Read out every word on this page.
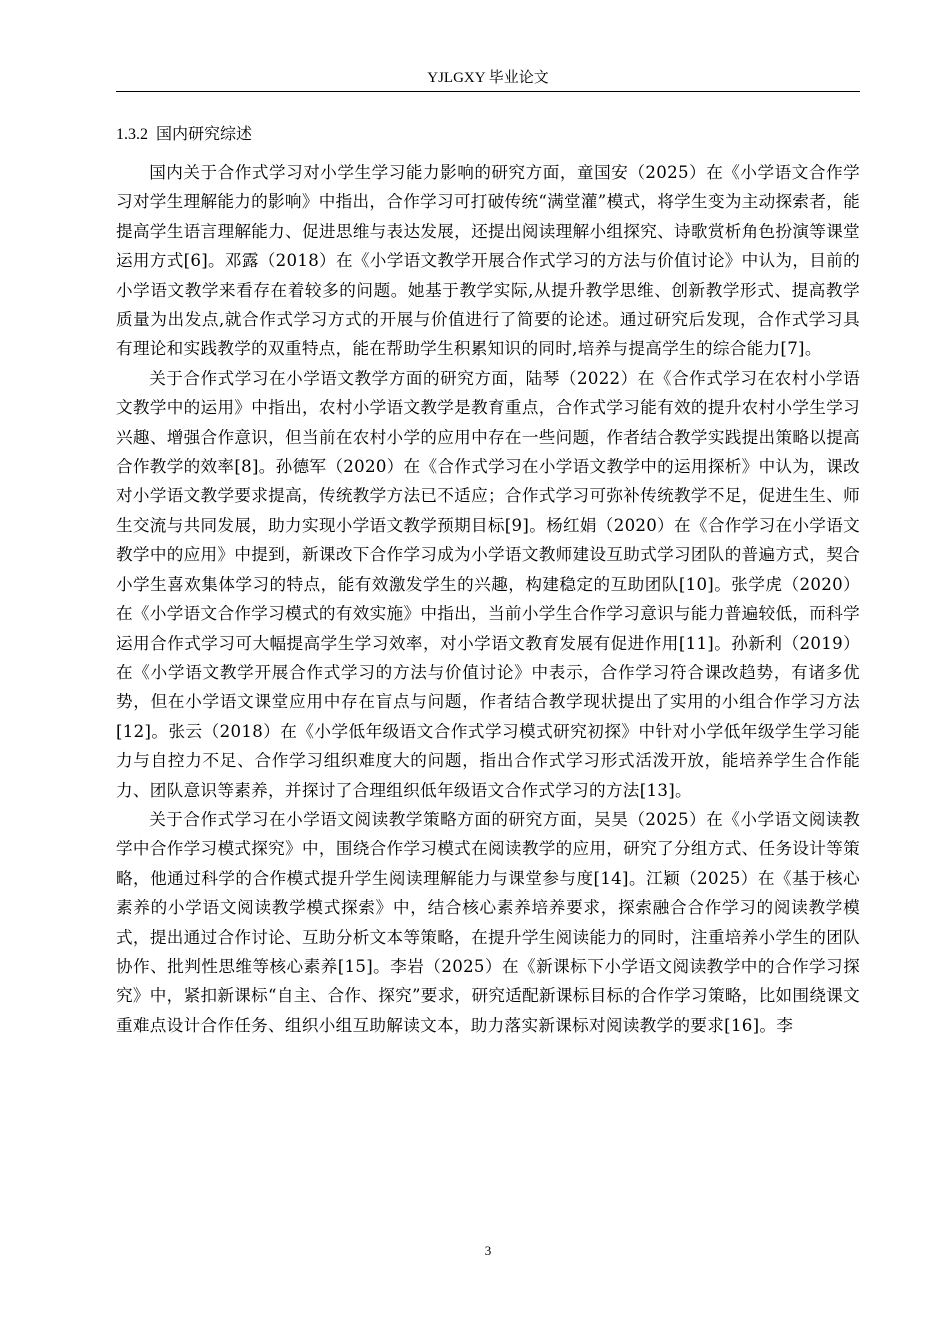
YJLGXY 毕业论文
1.3.2 国内研究综述

国内关于合作式学习对小学生学习能力影响的研究方面，童国安（2025）在《小学语文合作学习对学生理解能力的影响》中指出，合作学习可打破传统“满堂灌”模式，将学生变为主动探索者，能提高学生语言理解能力、促进思维与表达发展，还提出阅读理解小组探究、诗歌赏析角色扮演等课堂运用方式[6]。邓露（2018）在《小学语文教学开展合作式学习的方法与价值讨论》中认为，目前的小学语文教学来看存在着较多的问题。她基于教学实际,从提升教学思维、创新教学形式、提高教学质量为出发点,就合作式学习方式的开展与价值进行了简要的论述。通过研究后发现，合作式学习具有理论和实践教学的双重特点，能在帮助学生积累知识的同时,培养与提高学生的综合能力[7]。

关于合作式学习在小学语文教学方面的研究方面，陆琴（2022）在《合作式学习在农村小学语文教学中的运用》中指出，农村小学语文教学是教育重点，合作式学习能有效的提升农村小学生学习兴趣、增强合作意识，但当前在农村小学的应用中存在一些问题，作者结合教学实践提出策略以提高合作教学的效率[8]。孙德军（2020）在《合作式学习在小学语文教学中的运用探析》中认为，课改对小学语文教学要求提高，传统教学方法已不适应；合作式学习可弥补传统教学不足，促进生生、师生交流与共同发展，助力实现小学语文教学预期目标[9]。杨红娟（2020）在《合作学习在小学语文教学中的应用》中提到，新课改下合作学习成为小学语文教师建设互助式学习团队的普遍方式，契合小学生喜欢集体学习的特点，能有效激发学生的兴趣，构建稳定的互助团队[10]。张学虎（2020）在《小学语文合作学习模式的有效实施》中指出，当前小学生合作学习意识与能力普遍较低，而科学运用合作式学习可大幅提高学生学习效率，对小学语文教育发展有促进作用[11]。孙新利（2019）在《小学语文教学开展合作式学习的方法与价值讨论》中表示，合作学习符合课改趋势，有诸多优势，但在小学语文课堂应用中存在盲点与问题，作者结合教学现状提出了实用的小组合作学习方法[12]。张云（2018）在《小学低年级语文合作式学习模式研究初探》中针对小学低年级学生学习能力与自控力不足、合作学习组织难度大的问题，指出合作式学习形式活泼开放，能培养学生合作能力、团队意识等素养，并探讨了合理组织低年级语文合作式学习的方法[13]。

关于合作式学习在小学语文阅读教学策略方面的研究方面，吴昊（2025）在《小学语文阅读教学中合作学习模式探究》中，围绕合作学习模式在阅读教学的应用，研究了分组方式、任务设计等策略，他通过科学的合作模式提升学生阅读理解能力与课堂参与度[14]。江颖（2025）在《基于核心素养的小学语文阅读教学模式探索》中，结合核心素养培养要求，探索融合合作学习的阅读教学模式，提出通过合作讨论、互助分析文本等策略，在提升学生阅读能力的同时，注重培养小学生的团队协作、批判性思维等核心素养[15]。李岩（2025）在《新课标下小学语文阅读教学中的合作学习探究》中，紧扣新课标“自主、合作、探究”要求，研究适配新课标目标的合作学习策略，比如围绕课文重难点设计合作任务、组织小组互助解读文本，助力落实新课标对阅读教学的要求[16]。李

3
